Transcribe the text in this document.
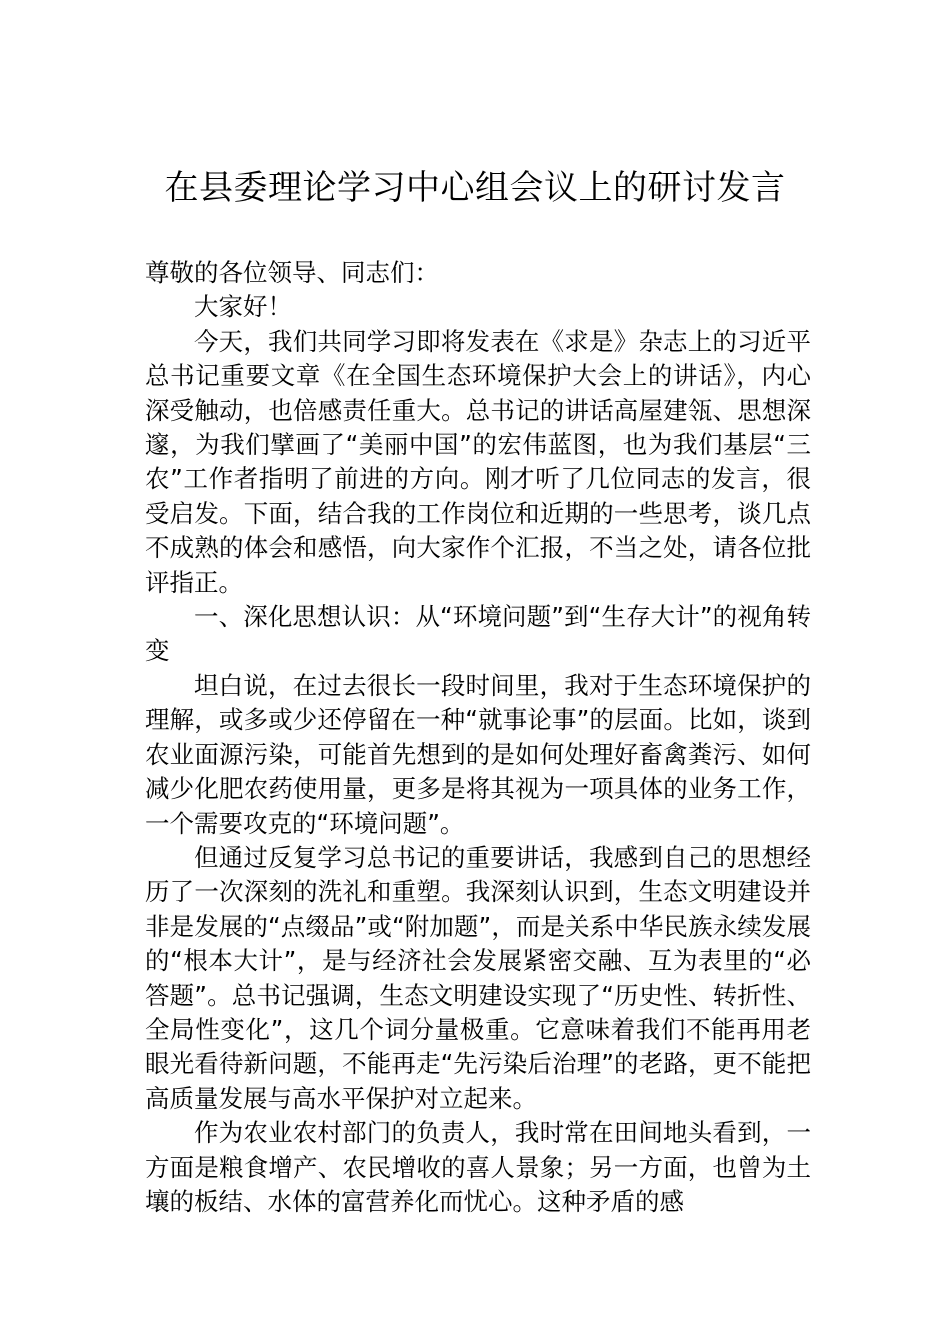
在县委理论学习中心组会议上的研讨发言

尊敬的各位领导、同志们：

大家好！

今天，我们共同学习即将发表在《求是》杂志上的习近平总书记重要文章《在全国生态环境保护大会上的讲话》，内心深受触动，也倍感责任重大。总书记的讲话高屋建瓴、思想深邃，为我们擘画了“美丽中国”的宏伟蓝图，也为我们基层“三农”工作者指明了前进的方向。刚才听了几位同志的发言，很受启发。下面，结合我的工作岗位和近期的一些思考，谈几点不成熟的体会和感悟，向大家作个汇报，不当之处，请各位批评指正。

一、深化思想认识：从“环境问题”到“生存大计”的视角转变

坦白说，在过去很长一段时间里，我对于生态环境保护的理解，或多或少还停留在一种“就事论事”的层面。比如，谈到农业面源污染，可能首先想到的是如何处理好畜禽粪污、如何减少化肥农药使用量，更多是将其视为一项具体的业务工作，一个需要攻克的“环境问题”。

但通过反复学习总书记的重要讲话，我感到自己的思想经历了一次深刻的洗礼和重塑。我深刻认识到，生态文明建设并非是发展的“点缀品”或“附加题”，而是关系中华民族永续发展的“根本大计”，是与经济社会发展紧密交融、互为表里的“必答题”。总书记强调，生态文明建设实现了“历史性、转折性、全局性变化”，这几个词分量极重。它意味着我们不能再用老眼光看待新问题，不能再走“先污染后治理”的老路，更不能把高质量发展与高水平保护对立起来。

作为农业农村部门的负责人，我时常在田间地头看到，一方面是粮食增产、农民增收的喜人景象；另一方面，也曾为土壤的板结、水体的富营养化而忧心。这种矛盾的感
